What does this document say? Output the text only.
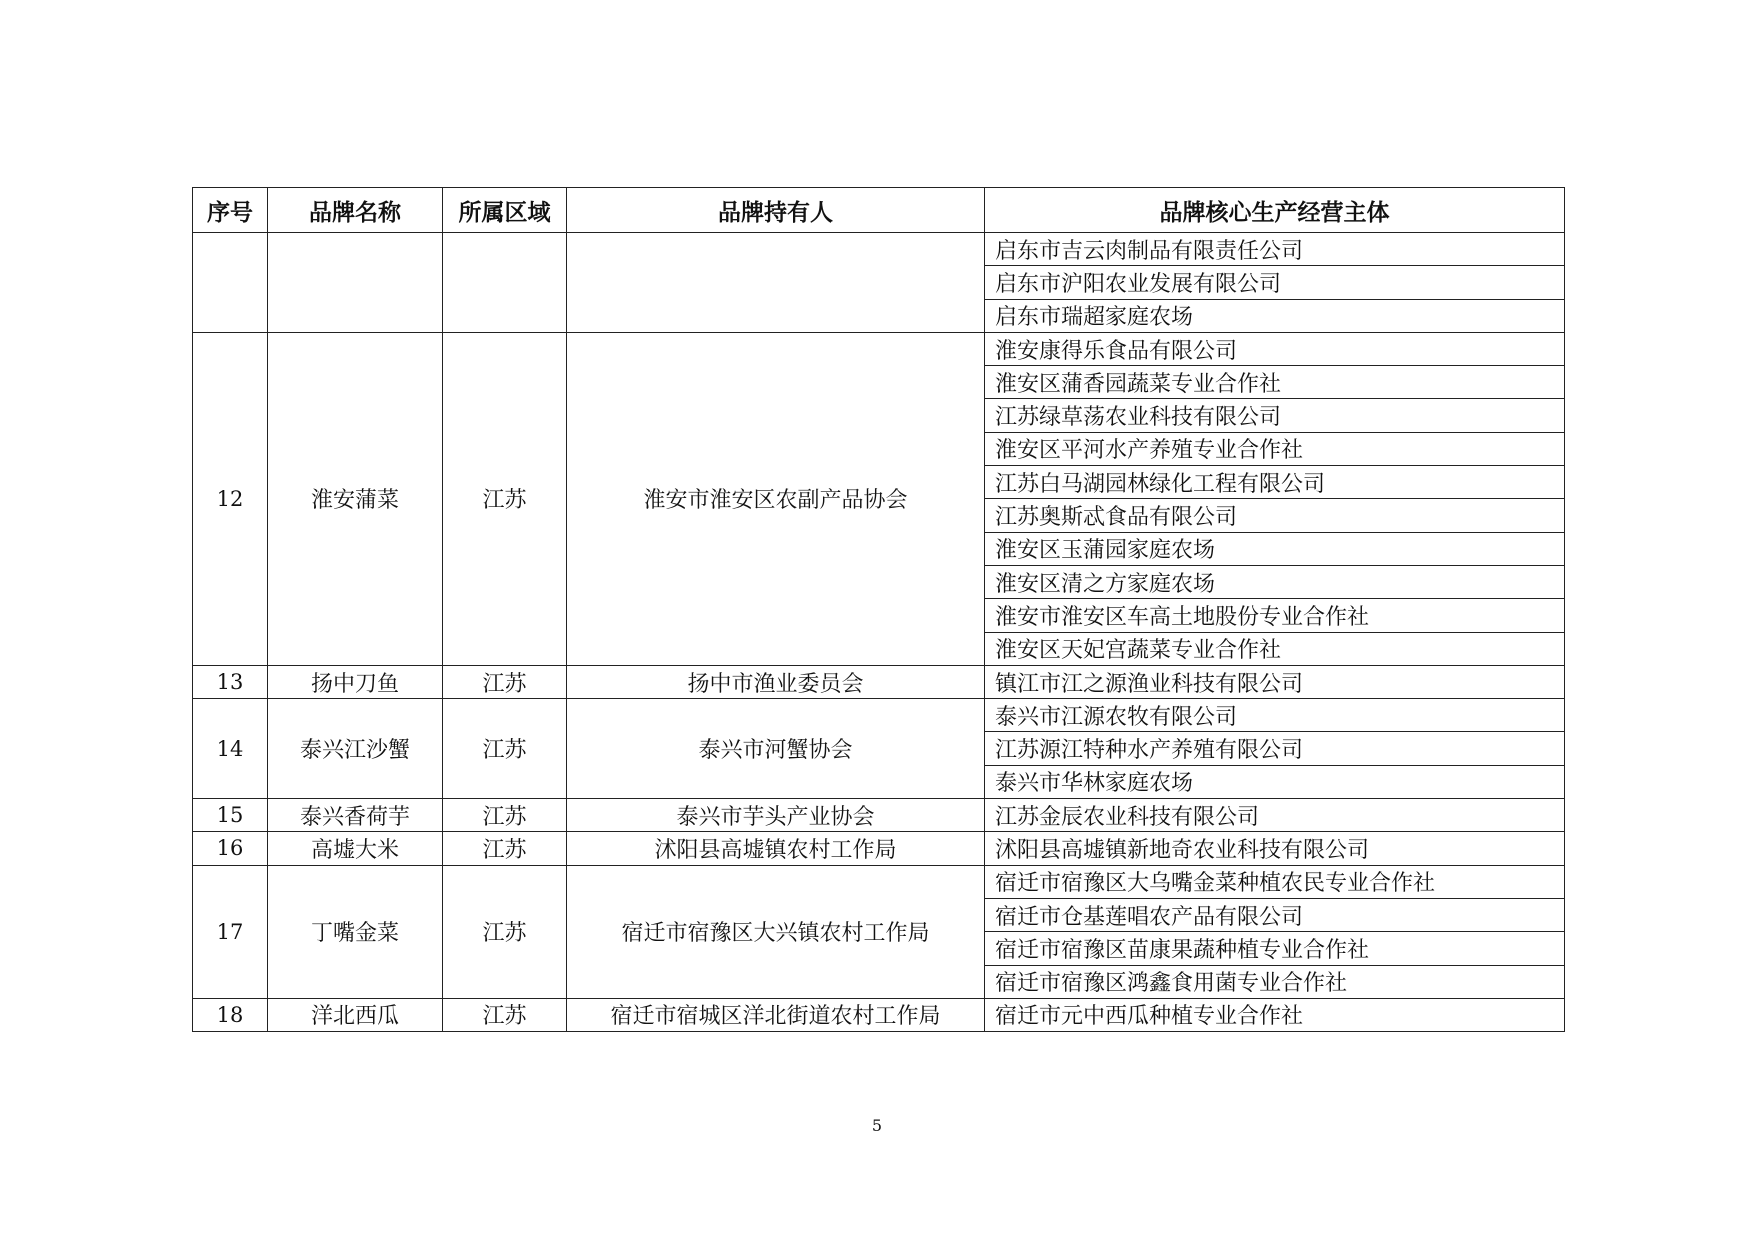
序号	品牌名称	所属区域	品牌持有人	品牌核心生产经营主体
				启东市吉云肉制品有限责任公司
				启东市沪阳农业发展有限公司
				启东市瑞超家庭农场
12	淮安蒲菜	江苏	淮安市淮安区农副产品协会	淮安康得乐食品有限公司
				淮安区蒲香园蔬菜专业合作社
				江苏绿草荡农业科技有限公司
				淮安区平河水产养殖专业合作社
				江苏白马湖园林绿化工程有限公司
				江苏奥斯忒食品有限公司
				淮安区玉蒲园家庭农场
				淮安区清之方家庭农场
				淮安市淮安区车高土地股份专业合作社
				淮安区天妃宫蔬菜专业合作社
13	扬中刀鱼	江苏	扬中市渔业委员会	镇江市江之源渔业科技有限公司
14	泰兴江沙蟹	江苏	泰兴市河蟹协会	泰兴市江源农牧有限公司
				江苏源江特种水产养殖有限公司
				泰兴市华林家庭农场
15	泰兴香荷芋	江苏	泰兴市芋头产业协会	江苏金辰农业科技有限公司
16	高墟大米	江苏	沭阳县高墟镇农村工作局	沭阳县高墟镇新地奇农业科技有限公司
17	丁嘴金菜	江苏	宿迁市宿豫区大兴镇农村工作局	宿迁市宿豫区大乌嘴金菜种植农民专业合作社
				宿迁市仓基莲唱农产品有限公司
				宿迁市宿豫区苗康果蔬种植专业合作社
				宿迁市宿豫区鸿鑫食用菌专业合作社
18	洋北西瓜	江苏	宿迁市宿城区洋北街道农村工作局	宿迁市元中西瓜种植专业合作社
5
